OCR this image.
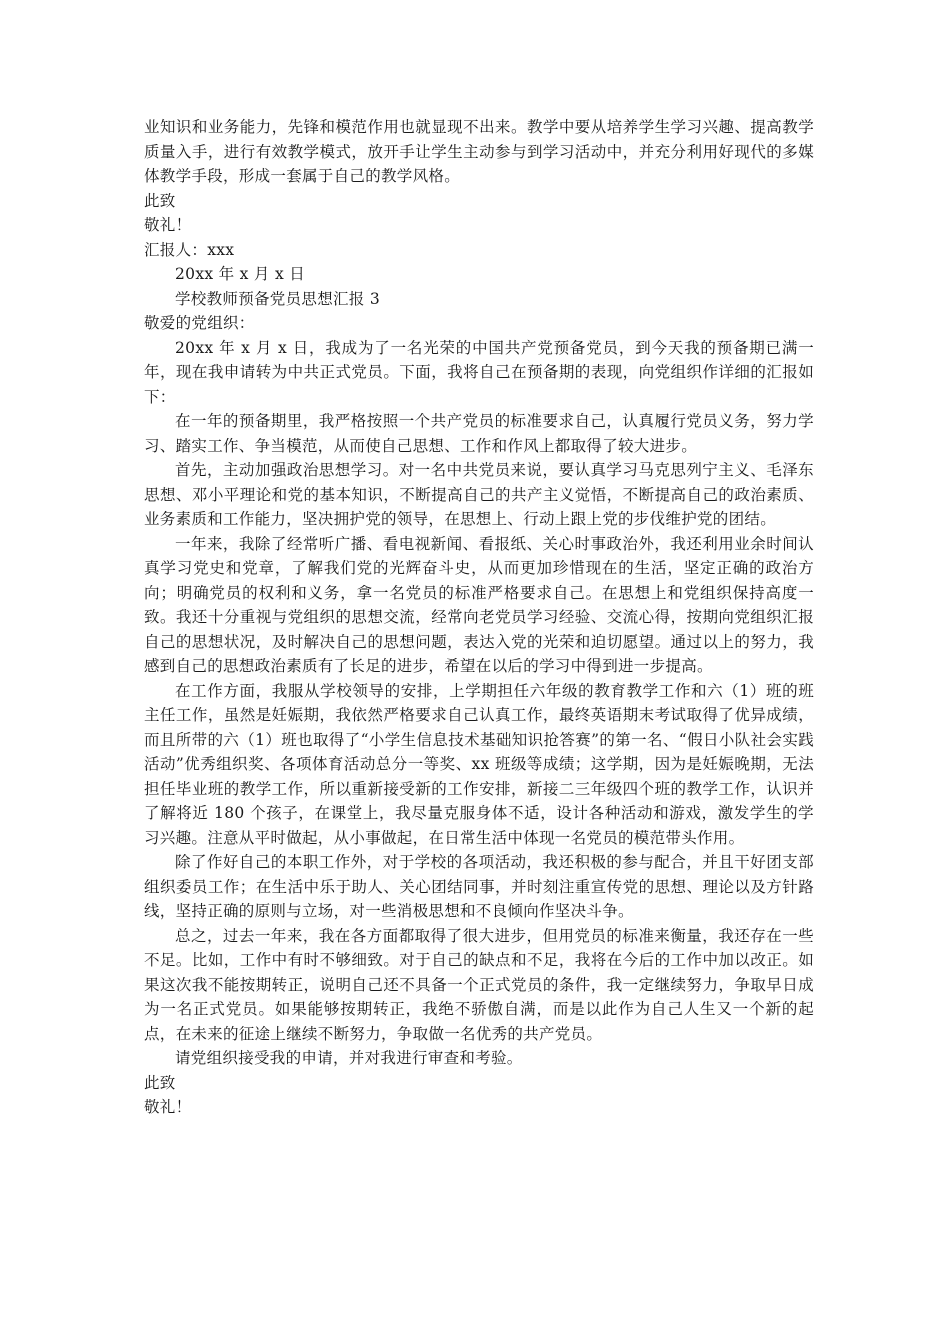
业知识和业务能力，先锋和模范作用也就显现不出来。教学中要从培养学生学习兴趣、提高教学质量入手，进行有效教学模式，放开手让学生主动参与到学习活动中，并充分利用好现代的多媒体教学手段，形成一套属于自己的教学风格。

此致

敬礼！

汇报人：xxx

20xx 年 x 月 x 日

学校教师预备党员思想汇报 3

敬爱的党组织：

20xx 年 x 月 x 日，我成为了一名光荣的中国共产党预备党员，到今天我的预备期已满一年，现在我申请转为中共正式党员。下面，我将自己在预备期的表现，向党组织作详细的汇报如下：

在一年的预备期里，我严格按照一个共产党员的标准要求自己，认真履行党员义务，努力学习、踏实工作、争当模范，从而使自己思想、工作和作风上都取得了较大进步。

首先，主动加强政治思想学习。对一名中共党员来说，要认真学习马克思列宁主义、毛泽东思想、邓小平理论和党的基本知识，不断提高自己的共产主义觉悟，不断提高自己的政治素质、业务素质和工作能力，坚决拥护党的领导，在思想上、行动上跟上党的步伐维护党的团结。

一年来，我除了经常听广播、看电视新闻、看报纸、关心时事政治外，我还利用业余时间认真学习党史和党章，了解我们党的光辉奋斗史，从而更加珍惜现在的生活，坚定正确的政治方向；明确党员的权利和义务，拿一名党员的标准严格要求自己。在思想上和党组织保持高度一致。我还十分重视与党组织的思想交流，经常向老党员学习经验、交流心得，按期向党组织汇报自己的思想状况，及时解决自己的思想问题，表达入党的光荣和迫切愿望。通过以上的努力，我感到自己的思想政治素质有了长足的进步，希望在以后的学习中得到进一步提高。

在工作方面，我服从学校领导的安排，上学期担任六年级的教育教学工作和六（1）班的班主任工作，虽然是妊娠期，我依然严格要求自己认真工作，最终英语期末考试取得了优异成绩，而且所带的六（1）班也取得了“小学生信息技术基础知识抢答赛”的第一名、“假日小队社会实践活动”优秀组织奖、各项体育活动总分一等奖、xx 班级等成绩；这学期，因为是妊娠晚期，无法担任毕业班的教学工作，所以重新接受新的工作安排，新接二三年级四个班的教学工作，认识并了解将近 180 个孩子，在课堂上，我尽量克服身体不适，设计各种活动和游戏，激发学生的学习兴趣。注意从平时做起，从小事做起，在日常生活中体现一名党员的模范带头作用。

除了作好自己的本职工作外，对于学校的各项活动，我还积极的参与配合，并且干好团支部组织委员工作；在生活中乐于助人、关心团结同事，并时刻注重宣传党的思想、理论以及方针路线，坚持正确的原则与立场，对一些消极思想和不良倾向作坚决斗争。

总之，过去一年来，我在各方面都取得了很大进步，但用党员的标准来衡量，我还存在一些不足。比如，工作中有时不够细致。对于自己的缺点和不足，我将在今后的工作中加以改正。如果这次我不能按期转正，说明自己还不具备一个正式党员的条件，我一定继续努力，争取早日成为一名正式党员。如果能够按期转正，我绝不骄傲自满，而是以此作为自己人生又一个新的起点，在未来的征途上继续不断努力，争取做一名优秀的共产党员。

请党组织接受我的申请，并对我进行审查和考验。

此致

敬礼！
